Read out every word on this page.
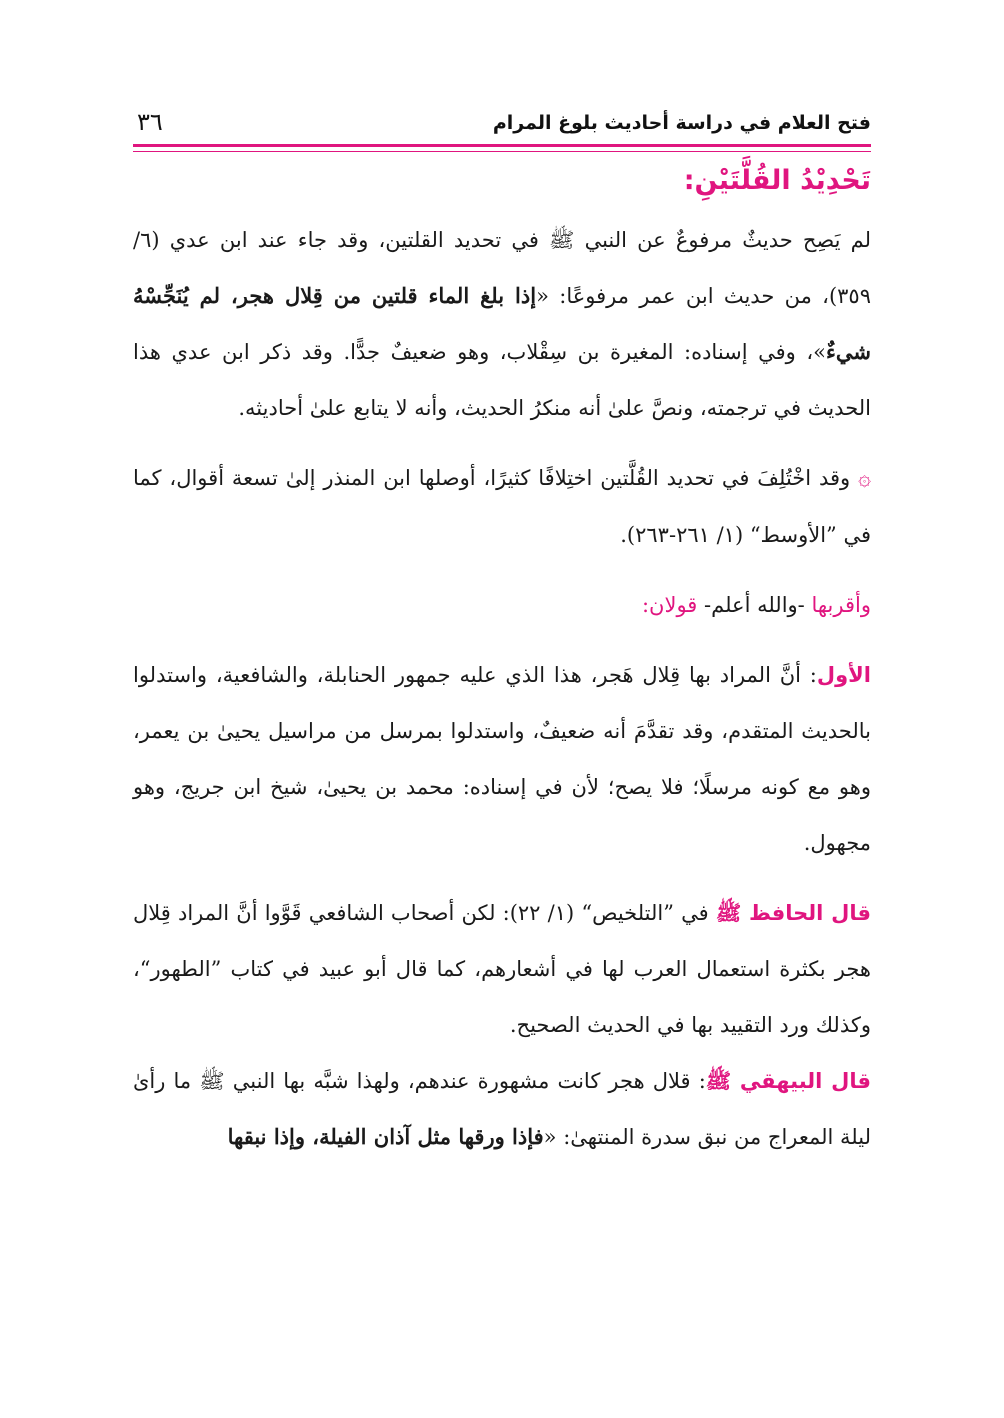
فتح العلام في دراسة أحاديث بلوغ المرام
٣٦
تَحْدِيْدُ القُلَّتَيْنِ:

لم يَصِح حديثٌ مرفوعٌ عن النبي ﷺ في تحديد القلتين، وقد جاء عند ابن عدي (٦/ ٣٥٩)، من حديث ابن عمر مرفوعًا: «إذا بلغ الماء قلتين من قِلال هجر، لم يُنَجِّسْهُ شيءٌ»، وفي إسناده: المغيرة بن سِقْلاب، وهو ضعيفٌ جدًّا. وقد ذكر ابن عدي هذا الحديث في ترجمته، ونصَّ علىٰ أنه منكرُ الحديث، وأنه لا يتابع علىٰ أحاديثه.

۞ وقد اخْتُلِفَ في تحديد القُلَّتين اختِلافًا كثيرًا، أوصلها ابن المنذر إلىٰ تسعة أقوال، كما في ”الأوسط“ (١/ ٢٦١-٢٦٣).

وأقربها -والله أعلم- قولان:

الأول: أنَّ المراد بها قِلال هَجر، هذا الذي عليه جمهور الحنابلة، والشافعية، واستدلوا بالحديث المتقدم، وقد تقدَّمَ أنه ضعيفٌ، واستدلوا بمرسل من مراسيل يحيىٰ بن يعمر، وهو مع كونه مرسلًا؛ فلا يصح؛ لأن في إسناده: محمد بن يحيىٰ، شيخ ابن جريج، وهو مجهول.

قال الحافظ ﷺ في ”التلخيص“ (١/ ٢٢): لكن أصحاب الشافعي قَوَّوا أنَّ المراد قِلال هجر بكثرة استعمال العرب لها في أشعارهم، كما قال أبو عبيد في كتاب ”الطهور“، وكذلك ورد التقييد بها في الحديث الصحيح.

قال البيهقي ﷺ: قلال هجر كانت مشهورة عندهم، ولهذا شبَّه بها النبي ﷺ ما رأىٰ ليلة المعراج من نبق سدرة المنتهىٰ: «فإذا ورقها مثل آذان الفيلة، وإذا نبقها
